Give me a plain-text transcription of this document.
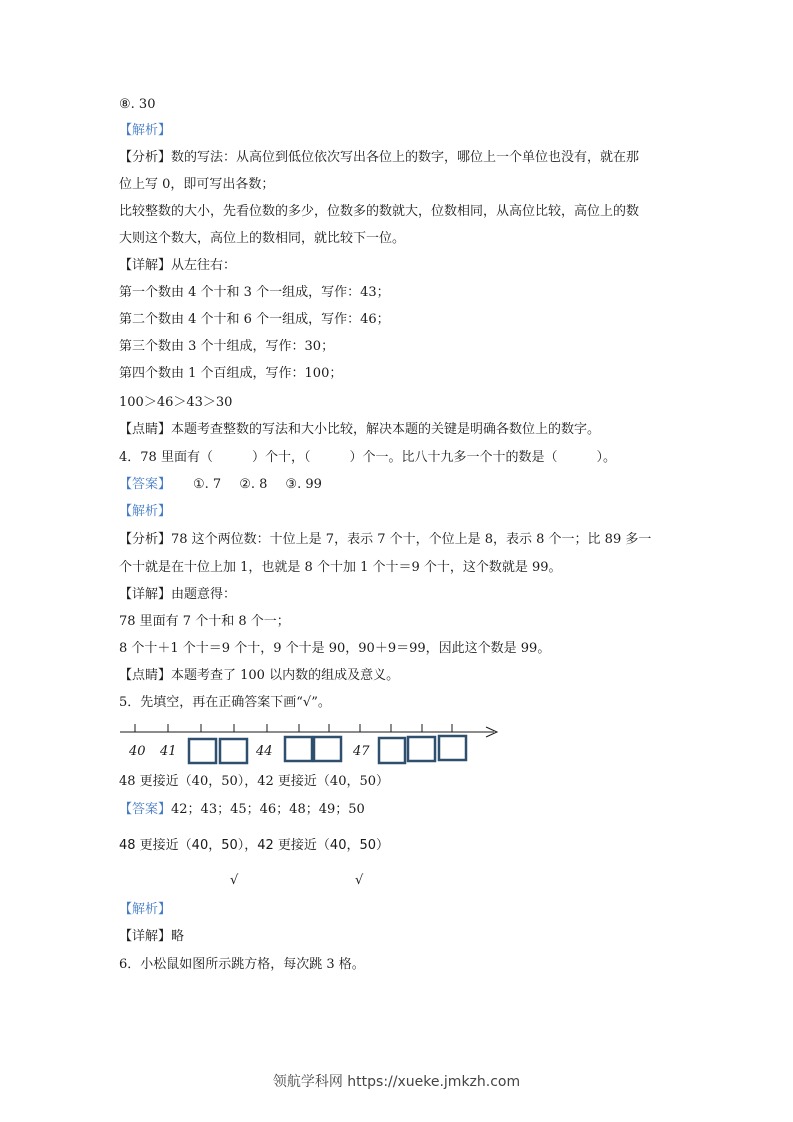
⑧. 30
【解析】
【分析】数的写法：从高位到低位依次写出各位上的数字，哪位上一个单位也没有，就在那
位上写 0，即可写出各数；
比较整数的大小，先看位数的多少，位数多的数就大，位数相同，从高位比较，高位上的数
大则这个数大，高位上的数相同，就比较下一位。
【详解】从左往右：
第一个数由 4 个十和 3 个一组成，写作：43；
第二个数由 4 个十和 6 个一组成，写作：46；
第三个数由 3 个十组成，写作：30；
第四个数由 1 个百组成，写作：100；
100＞46＞43＞30
【点睛】本题考查整数的写法和大小比较，解决本题的关键是明确各数位上的数字。
4．78 里面有（　　　）个十，（　　　）个一。比八十九多一个十的数是（　　　）。
【答案】 ①. 7 ②. 8 ③. 99
【解析】
【分析】78 这个两位数：十位上是 7，表示 7 个十，个位上是 8，表示 8 个一；比 89 多一
个十就是在十位上加 1，也就是 8 个十加 1 个十＝9 个十，这个数就是 99。
【详解】由题意得：
78 里面有 7 个十和 8 个一；
8 个十＋1 个十＝9 个十，9 个十是 90，90＋9＝99，因此这个数是 99。
【点睛】本题考查了 100 以内数的组成及意义。
5．先填空，再在正确答案下画“√”。
40 41	44	47
48 更接近（40，50），42 更接近（40，50）
【答案】42；43；45；46；48；49；50
48 更接近（40，50），42 更接近（40，50）
√	√
【解析】
【详解】略
6．小松鼠如图所示跳方格，每次跳 3 格。
领航学科网 https://xueke.jmkzh.com
